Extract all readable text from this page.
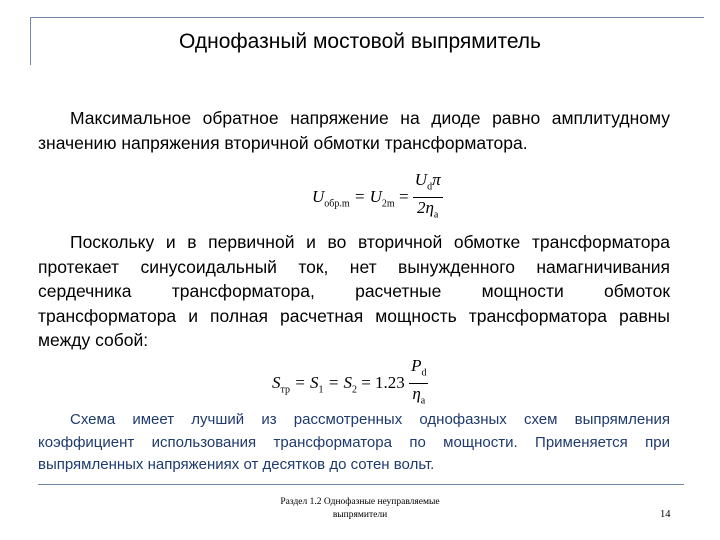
Однофазный мостовой выпрямитель
Максимальное обратное напряжение на диоде равно амплитудному значению напряжения вторичной обмотки трансформатора.
$U_{обр.m} = U_{2m} = \frac{U_d\pi}{2\eta_a}$
Поскольку и в первичной и во вторичной обмотке трансформатора протекает синусоидальный ток, нет вынужденного намагничивания сердечника трансформатора, расчетные мощности обмоток трансформатора и полная расчетная мощность трансформатора равны между собой:
$S_{тр} = S_1 = S_2 = 1.23 \frac{P_d}{\eta_a}$
Схема имеет лучший из рассмотренных однофазных схем выпрямления коэффициент использования трансформатора по мощности. Применяется при выпрямленных напряжениях от десятков до сотен вольт.
Раздел 1.2 Однофазные неуправляемые
выпрямители	14
